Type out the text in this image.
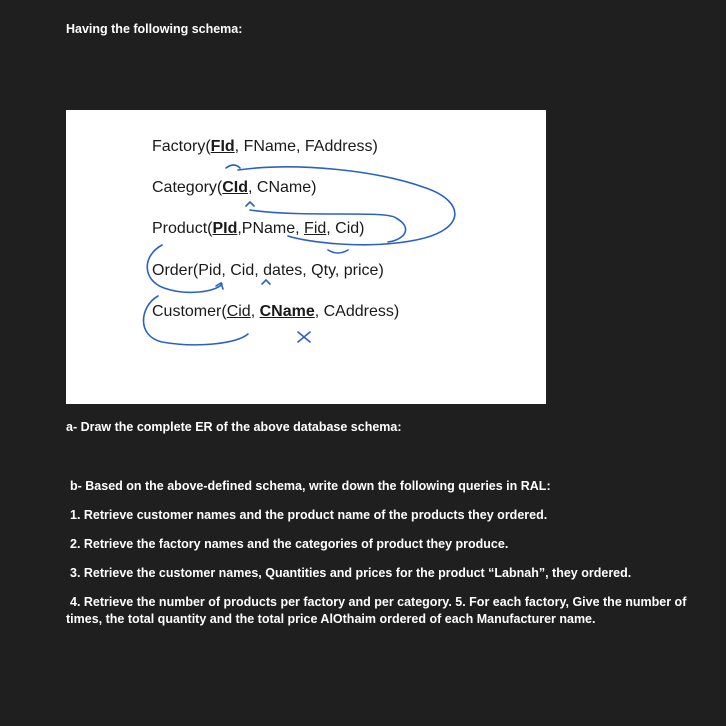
Having the following schema:
Factory(FId, FName, FAddress)
Category(CId, CName)
Product(PId,PName, Fid, Cid)
Order(Pid, Cid, dates, Qty, price)
Customer(Cid, CName, CAddress)
a- Draw the complete ER of the above database schema:
b- Based on the above-defined schema, write down the following queries in RAL:
1. Retrieve customer names and the product name of the products they ordered.
2. Retrieve the factory names and the categories of product they produce.
3. Retrieve the customer names, Quantities and prices for the product “Labnah”, they ordered.
4. Retrieve the number of products per factory and per category. 5. For each factory, Give the number of times, the total quantity and the total price AlOthaim ordered of each Manufacturer name.
